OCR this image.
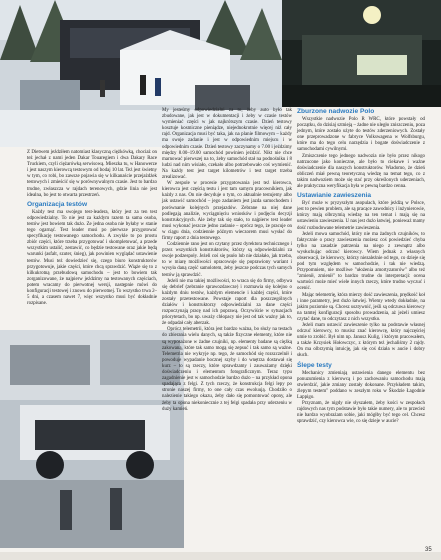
Z Dietwem jeździłem natomiast klasyczną ciężkówką, chociaż on też jechał z nami jeden Dakar Touaregiem i dwa Dakary Race Truckiem, czyli ciężarówką serwisową. Mieszka tu, w Hanowerze i jest naszym kierowcą testowym od bodaj 10 lat. Też jest świetny w tym, co robi, bo zawsze pojawia się w kilkanaście przejażdżek testowych i zmieścić się w porównywalnym czasie. Jest to bardzo trudne, zwłaszcza w rajdach terenowych, gdzie linia nie jest idealna, bo jest to otwarta przestrzeń.

Organizacja testów

Każdy test ma swojego test-leadera, który jest za ten test odpowiedzialny. To nie jest za każdym razem ta sama osoba, testów jest bowiem tak dużo. Ze jedna osoba nie byłaby w stanie tego ogarnąć. Test leader musi po pierwsze przygotować specyfikację testowanego samochodu. A zwykle to po prostu zbiór części, które trzeba przygotować i skompletować, a przede wszystkim ustalić, zestawić, co będzie testowane oraz jakie będą warunki (asfalt, szuter, śnieg), jak powinien wyglądać ustawienie testów. Musi też dowiedzieć się, czego biuro konstruktorów przygotowuje, jakie części, które chcą sprawdzić. Wiąże się to z kilkukrotną przebudową samochodu – jest to bowiem tak zorganizowane, że najpierw jeździmy na testowanych częściach, potem wracamy do pierwotnej wersji, następnie mówi do konfiguracji testowej i znowu do pierwotnej. To wszystko trwa 2–5 dni, a czasem nawet 7, więc wszystko musi być dokładnie rozpisane.

My jesteśmy odpowiedzialni za to, żeby auto było tak zbudowane, jak jest w dokumentacji i żeby w czasie testów wymieniać części w jak najkrótszym czasie. Dzień testowy kosztuje kosmiczne pieniądze, niejednokrotnie więcej niż cały rajd. Organizacja musi być taka, jak na planie filmowym – każdy ma swoje zadanie i jest w odpowiednim miejscu i w odpowiednim czasie. Dzień testowy zaczynamy o 7.00 i jeździmy między 8.00–19.00 samochód powinien jeździć. Nikt nie chce marnować pierwszej na to, żeby samochód stał na podnośniku i 8 ludzi nad nim wisiało, czekało albo potrzebowało coś wymienić. Na każdy test jest target kilometrów i test target trzeba zrealizować.

W zespole w procesie przygotowania jest też kierowca, kierowca jest częścią testu i jest tam samym pracownikiem, jak każdy z nas. On nie decyduje o tym, co aktualnie testujemy albo jak ustawić samochód – jego zadaniem jest jazda samochodem i porównanie kolejnych przejazdów. Zebrane na niej dane podlegają analizie, wyciągnięciu wniosków i podjęciu decyzji konstrukcyjnych. Ale żeby tak się stało, to najpierw test leader musi wykonać jeszcze jedno zadanie – oprócz tego, że pracuje on w ciągu dnia, codziennie późnym wieczorem musi wysłać do firmy raport z dnia testowego.

Codziennie rano jest on czytany przez dyrektora technicznego i przez wszystkich konstruktorów, którzy są odpowiedzialni za swoje podzespoły. Jeżeli coś się psuło lub nie działało, jak trzeba, to w miarę możliwości opracowuje się poprawiony wariant i wysyła daną część samolotem, żeby jeszcze podczas tych samych testów ją sprawdzić.

Jeżeli nie ma takiej możliwości, to wraca się do firmy, odbywa się debrief (zebranie sprawozdawcze) i rozmawia się kolejno o każdym dniu testów, każdym elemencie i każdej części, które zostały przetestowane. Powstaje raport dla poszczególnych działów i konstruktorzy odpowiedzialni za dane części rozpoczynają pracę nad ich poprawą. Oczywiście w sytuacjach priorytetach, bo np. uważy chłopacy nie jest od tak ważny jak to, że odpadał cały aberzak.

Oprócz telemetrii, która jest bardzo ważna, bo służy na testach do zbierania wielu danych, są także fizyczne elementy, które nie są wyposażone w żadne czujniki, np. elementy badane są ciężką zakowaną, które tak samo mogą się zepsuć i tak samo są ważne. Telemetria nie wykryje np. tego, że samochód się rozszczelnił i powoduje wypadanie bocznej szyby i do wnętrza dostawał się kurz – to są rzeczy, które sprawdzamy i zauważamy dzięki doświadczeniu i elementom fotograficznym. Teraz typu zagadnienie jest w samochodzie bardzo dużo – na przykład opona spadająca z felgi. Z tych rzeczy, że konstrukcja felgi lepy po stronie naszej firmy, to one cały czas ewoluują. Chodziło o nalezienie takiego okazu, żeby dało się pomontować opony, ale żeby ta opona niekoniecznie z tej felgi spadała przy uderzeniu w duży kamień.

Zburzone nadwozie Polo

Wszystkie nadwozie Polo R WRC, które powstały od początku, do dzisiaj sztnieją – żadne nie uległo zniszczeniu, poza jednym, które zostało użyte do testów zderzeniowych. Zostały one przeprowadzone w fabryce Volkswagena w Wolfsburgu, które ma do tego celu narzędzia i bogate doświadczenie z samochodami cywilnymi.

Zmiszczenie tego jednego nadwozia nie było przez nikogo natrzucone jako konieczne, ale było to ciekawe i ważne doświadczenie dla naszych konstruktorów. Wiadomo, że dzień obliczeń miał pewną teoretyczną wiedzę na temat tego, co z takim nadwoziem może się stać przy określonych uderzeniach, ale praktyczna weryfikacja była w pewną bardzo cenna.

Ustawianie zawieszenia

Być może w pryzyszłym asopulach, które jeżdżą w Polsce, jest to pewien problem, ale są pracące zawodnicy i inżynierowie, którzy mają olbrzymią wiedzę na ten temat i mają się na ustawieniu zawieszenia. U nas jest dużo łatwiej, ponieważ mamy dość rozbudowane telemetrie zawieszenia.

Jeżeli mowa samochód, który nie ma żadnych czujników, to faktycznie o pracy zawieszenia możesz coś powiedzieć chyba tylko na zasadzie patrzenia na niego z zewnątrz albo wysłuchując odczuć kierowcy. Wiem jednak z własnych obserwacji, że kierowcy, którzy niezależnie od tego, co dzieje się pod tym względem w samochodzie, i tak nie wiedzą. Przypomniem, nie możliwe "ułożenia amortyzatorów" albo też "zmienił, zmienił" to bardzo trudne do interpretacji: ocena wartości może mieć wiele innych rzeczy, które trudno wyczuć i ocenić.

Mając telemetrię, która mierzy dość zawieszenia, prędkość koł i inne parametry, jest dużo łatwiej. Wiemy wtedy dokładnie, na jakim poziomie są. Chcesz usztywnić, jeśli są odczuwa kierowcy na tamtej konfiguracji sposobu prowadzenia, aż jeżeli umiesz czytać dane, to odczytasz z nich wszystko.

Jeżeli mam ustawić zawieszenie tylko na podstawie własnej odczuć kierowcy, to musisz znać kierowcę, który najczęściej umie to zrobić. Był nim np. Janusz Kulig, i którym pracowałem, a także Krzysiek Hołowczyc, z którym też jechaliśmy 2 rajdy. On ma olbrzymią intuicję, jak się coś działa w aucie i dobry słuch.

Ślepe testy

Mechanicy zmieniają ustawienia danego elementu bez ponuzumienia z kierowcą i po zachowaniu samochodu mają stwierdzić, jakie zmiany zostały dokonane. Przykładem takim, żlepym testem" poddano w zeszłym roku w Škodzie Łagodnie Lappigo.

Przyznam, że nigdy nie słyszałem, żeby kości w zespołach rajdowych nas tym podstawie było takie numery, ale to przecież nie bardzo wyobrażam sobie, jaki mógłby być tego cel. Chcesz sprawdzić, czy kierowca wie, co się dzieje w aucie?

35
